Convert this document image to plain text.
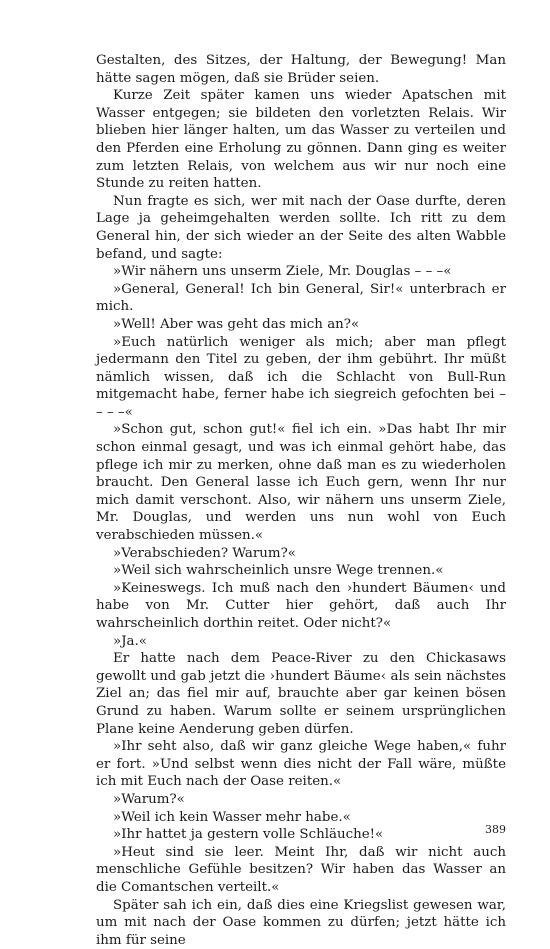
Gestalten, des Sitzes, der Haltung, der Bewegung! Man hätte sagen mögen, daß sie Brüder seien.

Kurze Zeit später kamen uns wieder Apatschen mit Wasser entgegen; sie bildeten den vorletzten Relais. Wir blieben hier länger halten, um das Wasser zu verteilen und den Pferden eine Erholung zu gönnen. Dann ging es weiter zum letzten Relais, von welchem aus wir nur noch eine Stunde zu reiten hatten.

Nun fragte es sich, wer mit nach der Oase durfte, deren Lage ja geheimgehalten werden sollte. Ich ritt zu dem General hin, der sich wieder an der Seite des alten Wabble befand, und sagte:

»Wir nähern uns unserm Ziele, Mr. Douglas – – –«

»General, General! Ich bin General, Sir!« unterbrach er mich.

»Well! Aber was geht das mich an?«

»Euch natürlich weniger als mich; aber man pflegt jedermann den Titel zu geben, der ihm gebührt. Ihr müßt nämlich wissen, daß ich die Schlacht von Bull-Run mitgemacht habe, ferner habe ich siegreich gefochten bei – – – –«

»Schon gut, schon gut!« fiel ich ein. »Das habt Ihr mir schon einmal gesagt, und was ich einmal gehört habe, das pflege ich mir zu merken, ohne daß man es zu wiederholen braucht. Den General lasse ich Euch gern, wenn Ihr nur mich damit verschont. Also, wir nähern uns unserm Ziele, Mr. Douglas, und werden uns nun wohl von Euch verabschieden müssen.«

»Verabschieden? Warum?«

»Weil sich wahrscheinlich unsre Wege trennen.«

»Keineswegs. Ich muß nach den ›hundert Bäumen‹ und habe von Mr. Cutter hier gehört, daß auch Ihr wahrscheinlich dorthin reitet. Oder nicht?«

»Ja.«

Er hatte nach dem Peace-River zu den Chickasaws gewollt und gab jetzt die ›hundert Bäume‹ als sein nächstes Ziel an; das fiel mir auf, brauchte aber gar keinen bösen Grund zu haben. Warum sollte er seinem ursprünglichen Plane keine Aenderung geben dürfen.

»Ihr seht also, daß wir ganz gleiche Wege haben,« fuhr er fort. »Und selbst wenn dies nicht der Fall wäre, müßte ich mit Euch nach der Oase reiten.«

»Warum?«

»Weil ich kein Wasser mehr habe.«

»Ihr hattet ja gestern volle Schläuche!«

»Heut sind sie leer. Meint Ihr, daß wir nicht auch menschliche Gefühle besitzen? Wir haben das Wasser an die Comantschen verteilt.«

Später sah ich ein, daß dies eine Kriegslist gewesen war, um mit nach der Oase kommen zu dürfen; jetzt hätte ich ihm für seine

389
